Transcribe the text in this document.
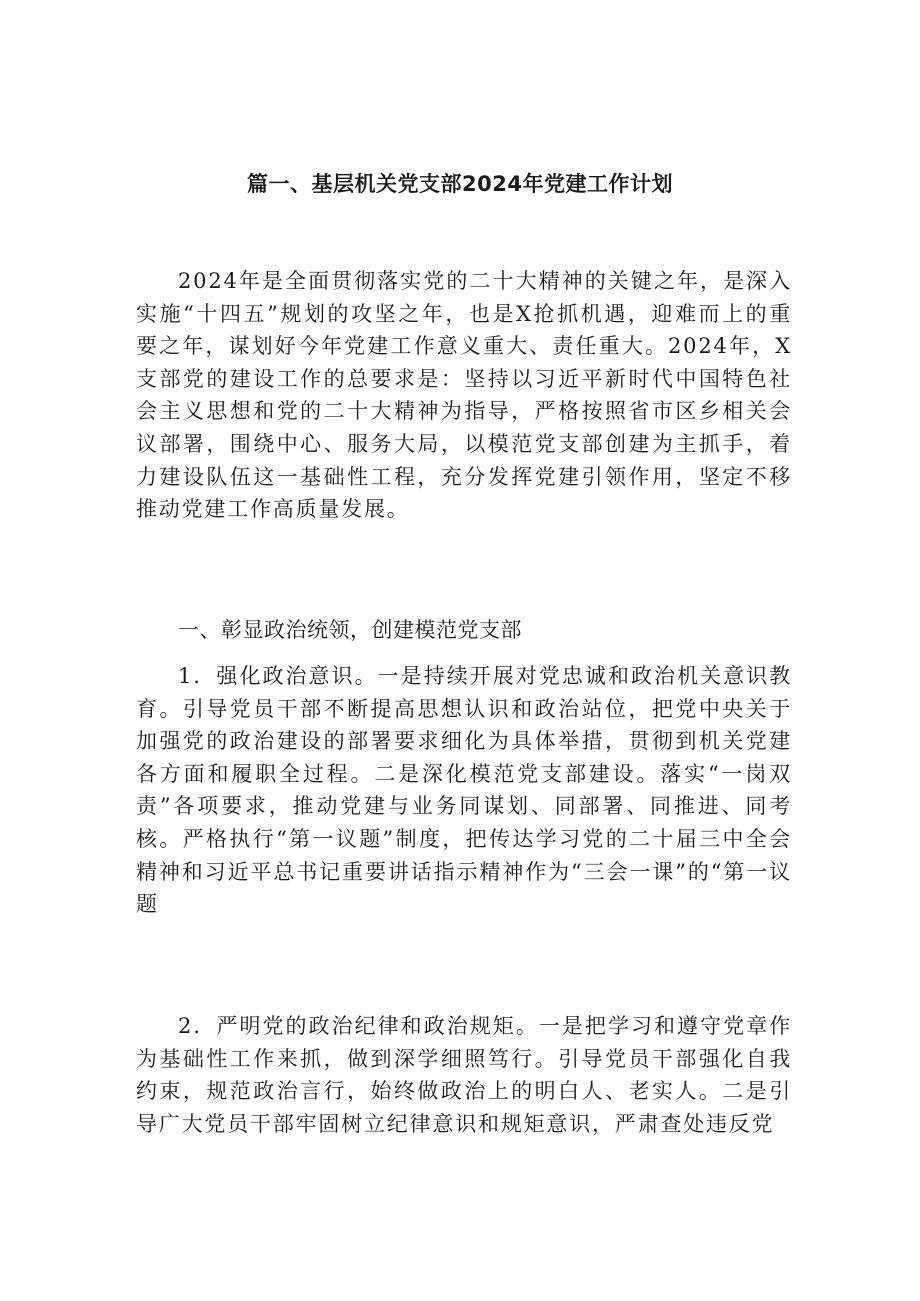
篇一、基层机关党支部2024年党建工作计划

2024年是全面贯彻落实党的二十大精神的关键之年，是深入实施“十四五”规划的攻坚之年，也是X抢抓机遇，迎难而上的重要之年，谋划好今年党建工作意义重大、责任重大。2024年，X支部党的建设工作的总要求是：坚持以习近平新时代中国特色社会主义思想和党的二十大精神为指导，严格按照省市区乡相关会议部署，围绕中心、服务大局，以模范党支部创建为主抓手，着力建设队伍这一基础性工程，充分发挥党建引领作用，坚定不移推动党建工作高质量发展。

一、彰显政治统领，创建模范党支部

1．强化政治意识。一是持续开展对党忠诚和政治机关意识教育。引导党员干部不断提高思想认识和政治站位，把党中央关于加强党的政治建设的部署要求细化为具体举措，贯彻到机关党建各方面和履职全过程。二是深化模范党支部建设。落实“一岗双责”各项要求，推动党建与业务同谋划、同部署、同推进、同考核。严格执行“第一议题”制度，把传达学习党的二十届三中全会精神和习近平总书记重要讲话指示精神作为“三会一课”的“第一议题

2．严明党的政治纪律和政治规矩。一是把学习和遵守党章作为基础性工作来抓，做到深学细照笃行。引导党员干部强化自我约束，规范政治言行，始终做政治上的明白人、老实人。二是引导广大党员干部牢固树立纪律意识和规矩意识，严肃查处违反党
